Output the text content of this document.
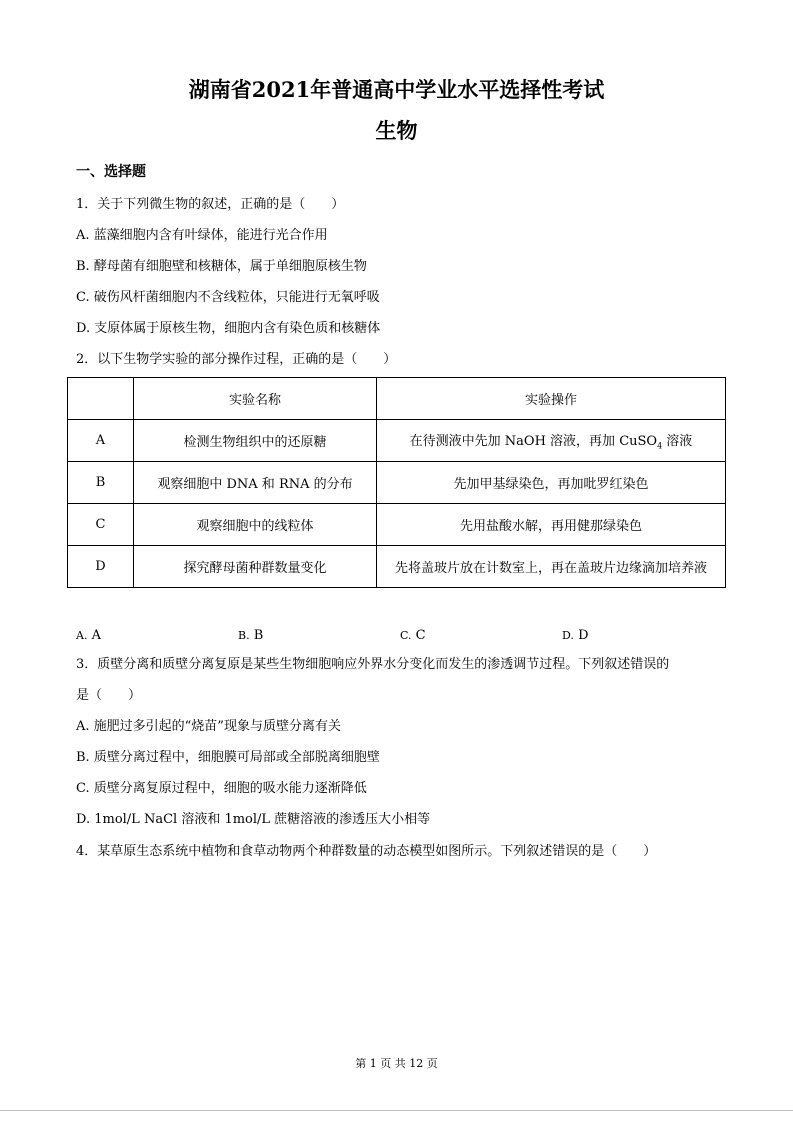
湖南省2021年普通高中学业水平选择性考试
生物
一、选择题
1．关于下列微生物的叙述，正确的是（　　）
A. 蓝藻细胞内含有叶绿体，能进行光合作用
B. 酵母菌有细胞壁和核糖体，属于单细胞原核生物
C. 破伤风杆菌细胞内不含线粒体，只能进行无氧呼吸
D. 支原体属于原核生物，细胞内含有染色质和核糖体
2．以下生物学实验的部分操作过程，正确的是（　　）
	实验名称	实验操作
A	检测生物组织中的还原糖	在待测液中先加 NaOH 溶液，再加 CuSO$_4$ 溶液
B	观察细胞中 DNA 和 RNA 的分布	先加甲基绿染色，再加吡罗红染色
C	观察细胞中的线粒体	先用盐酸水解，再用健那绿染色
D	探究酵母菌种群数量变化	先将盖玻片放在计数室上，再在盖玻片边缘滴加培养液
A. A	B. B	C. C	D. D
3．质壁分离和质壁分离复原是某些生物细胞响应外界水分变化而发生的渗透调节过程。下列叙述错误的
是（　　）
A. 施肥过多引起的“烧苗”现象与质壁分离有关
B. 质壁分离过程中，细胞膜可局部或全部脱离细胞壁
C. 质壁分离复原过程中，细胞的吸水能力逐渐降低
D. 1mol/L NaCl 溶液和 1mol/L 蔗糖溶液的渗透压大小相等
4．某草原生态系统中植物和食草动物两个种群数量的动态模型如图所示。下列叙述错误的是（　　）
第 1 页 共 12 页
